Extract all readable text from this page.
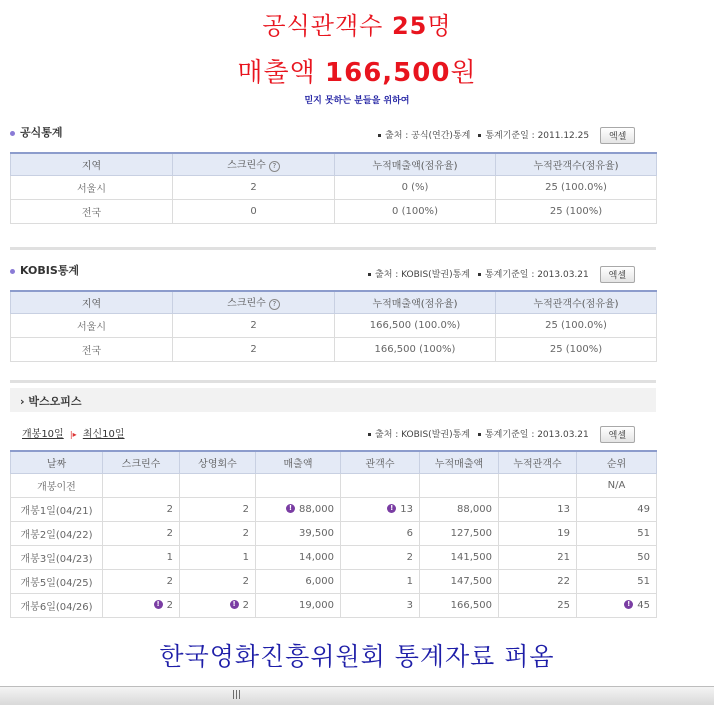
공식관객수 25명
매출액 166,500원
믿지 못하는 분들을 위하여
공식통계	출처 : 공식(연간)통계 통계기준일 : 2011.12.25 엑셀
지역	스크린수 ?	누적매출액(점유율)	누적관객수(점유율)
서울시	2	0 (%)	25 (100.0%)
전국	0	0 (100%)	25 (100%)
KOBIS통계	출처 : KOBIS(발권)통계 통계기준일 : 2013.03.21 엑셀
지역	스크린수 ?	누적매출액(점유율)	누적관객수(점유율)
서울시	2	166,500 (100.0%)	25 (100.0%)
전국	2	166,500 (100%)	25 (100%)
› 박스오피스
개봉10일 |▸ 최신10일	출처 : KOBIS(발권)통계 통계기준일 : 2013.03.21 엑셀
날짜	스크린수	상영회수	매출액	관객수	누적매출액	누적관객수	순위
개봉이전							N/A
개봉1일(04/21)	2	2	! 88,000	! 13	88,000	13	49
개봉2일(04/22)	2	2	39,500	6	127,500	19	51
개봉3일(04/23)	1	1	14,000	2	141,500	21	50
개봉5일(04/25)	2	2	6,000	1	147,500	22	51
개봉6일(04/26)	! 2	! 2	19,000	3	166,500	25	! 45
한국영화진흥위원회 통계자료 퍼옴
|||
